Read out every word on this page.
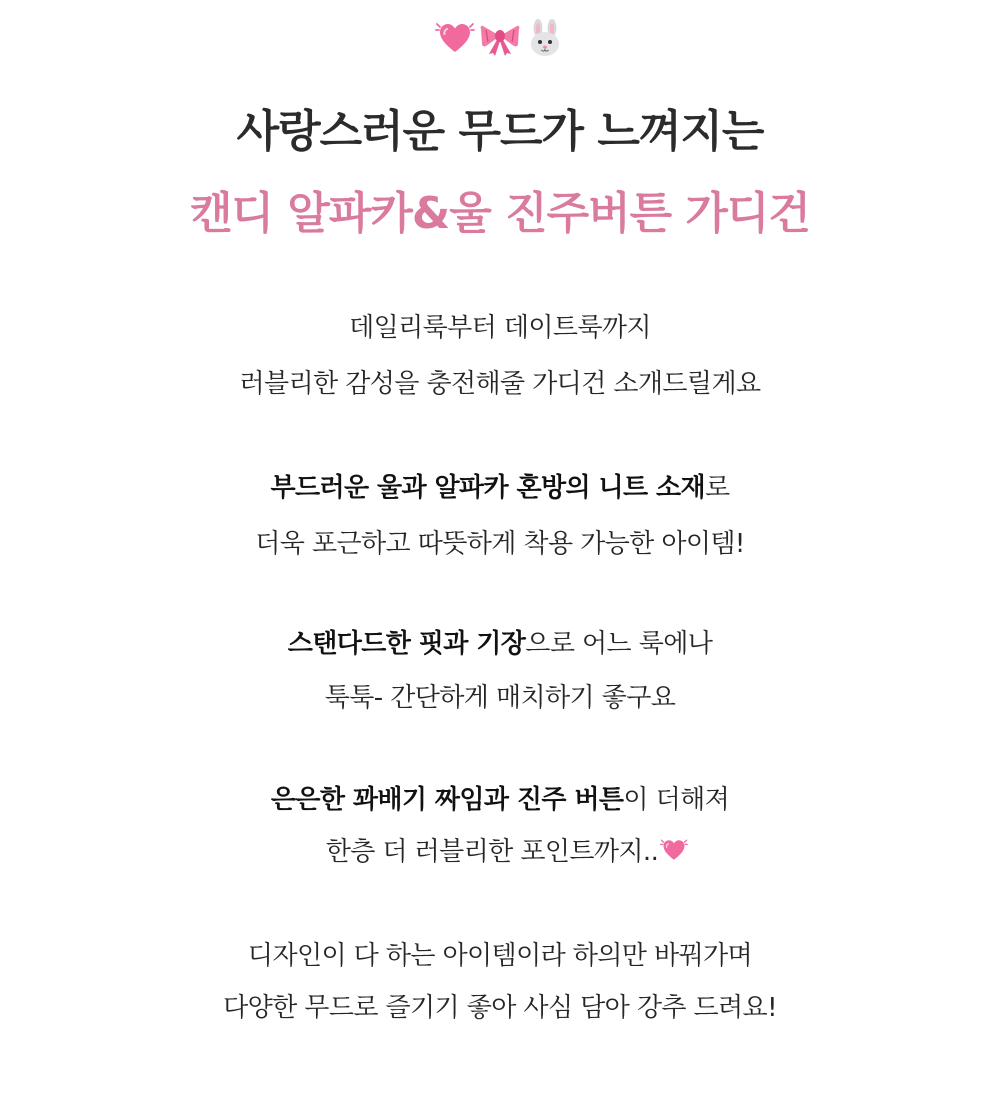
사랑스러운 무드가 느껴지는
캔디 알파카&울 진주버튼 가디건
데일리룩부터 데이트룩까지
러블리한 감성을 충전해줄 가디건 소개드릴게요
부드러운 울과 알파카 혼방의 니트 소재로
더욱 포근하고 따뜻하게 착용 가능한 아이템!
스탠다드한 핏과 기장으로 어느 룩에나
툭툭- 간단하게 매치하기 좋구요
은은한 꽈배기 짜임과 진주 버튼이 더해져
한층 더 러블리한 포인트까지..
디자인이 다 하는 아이템이라 하의만 바꿔가며
다양한 무드로 즐기기 좋아 사심 담아 강추 드려요!
